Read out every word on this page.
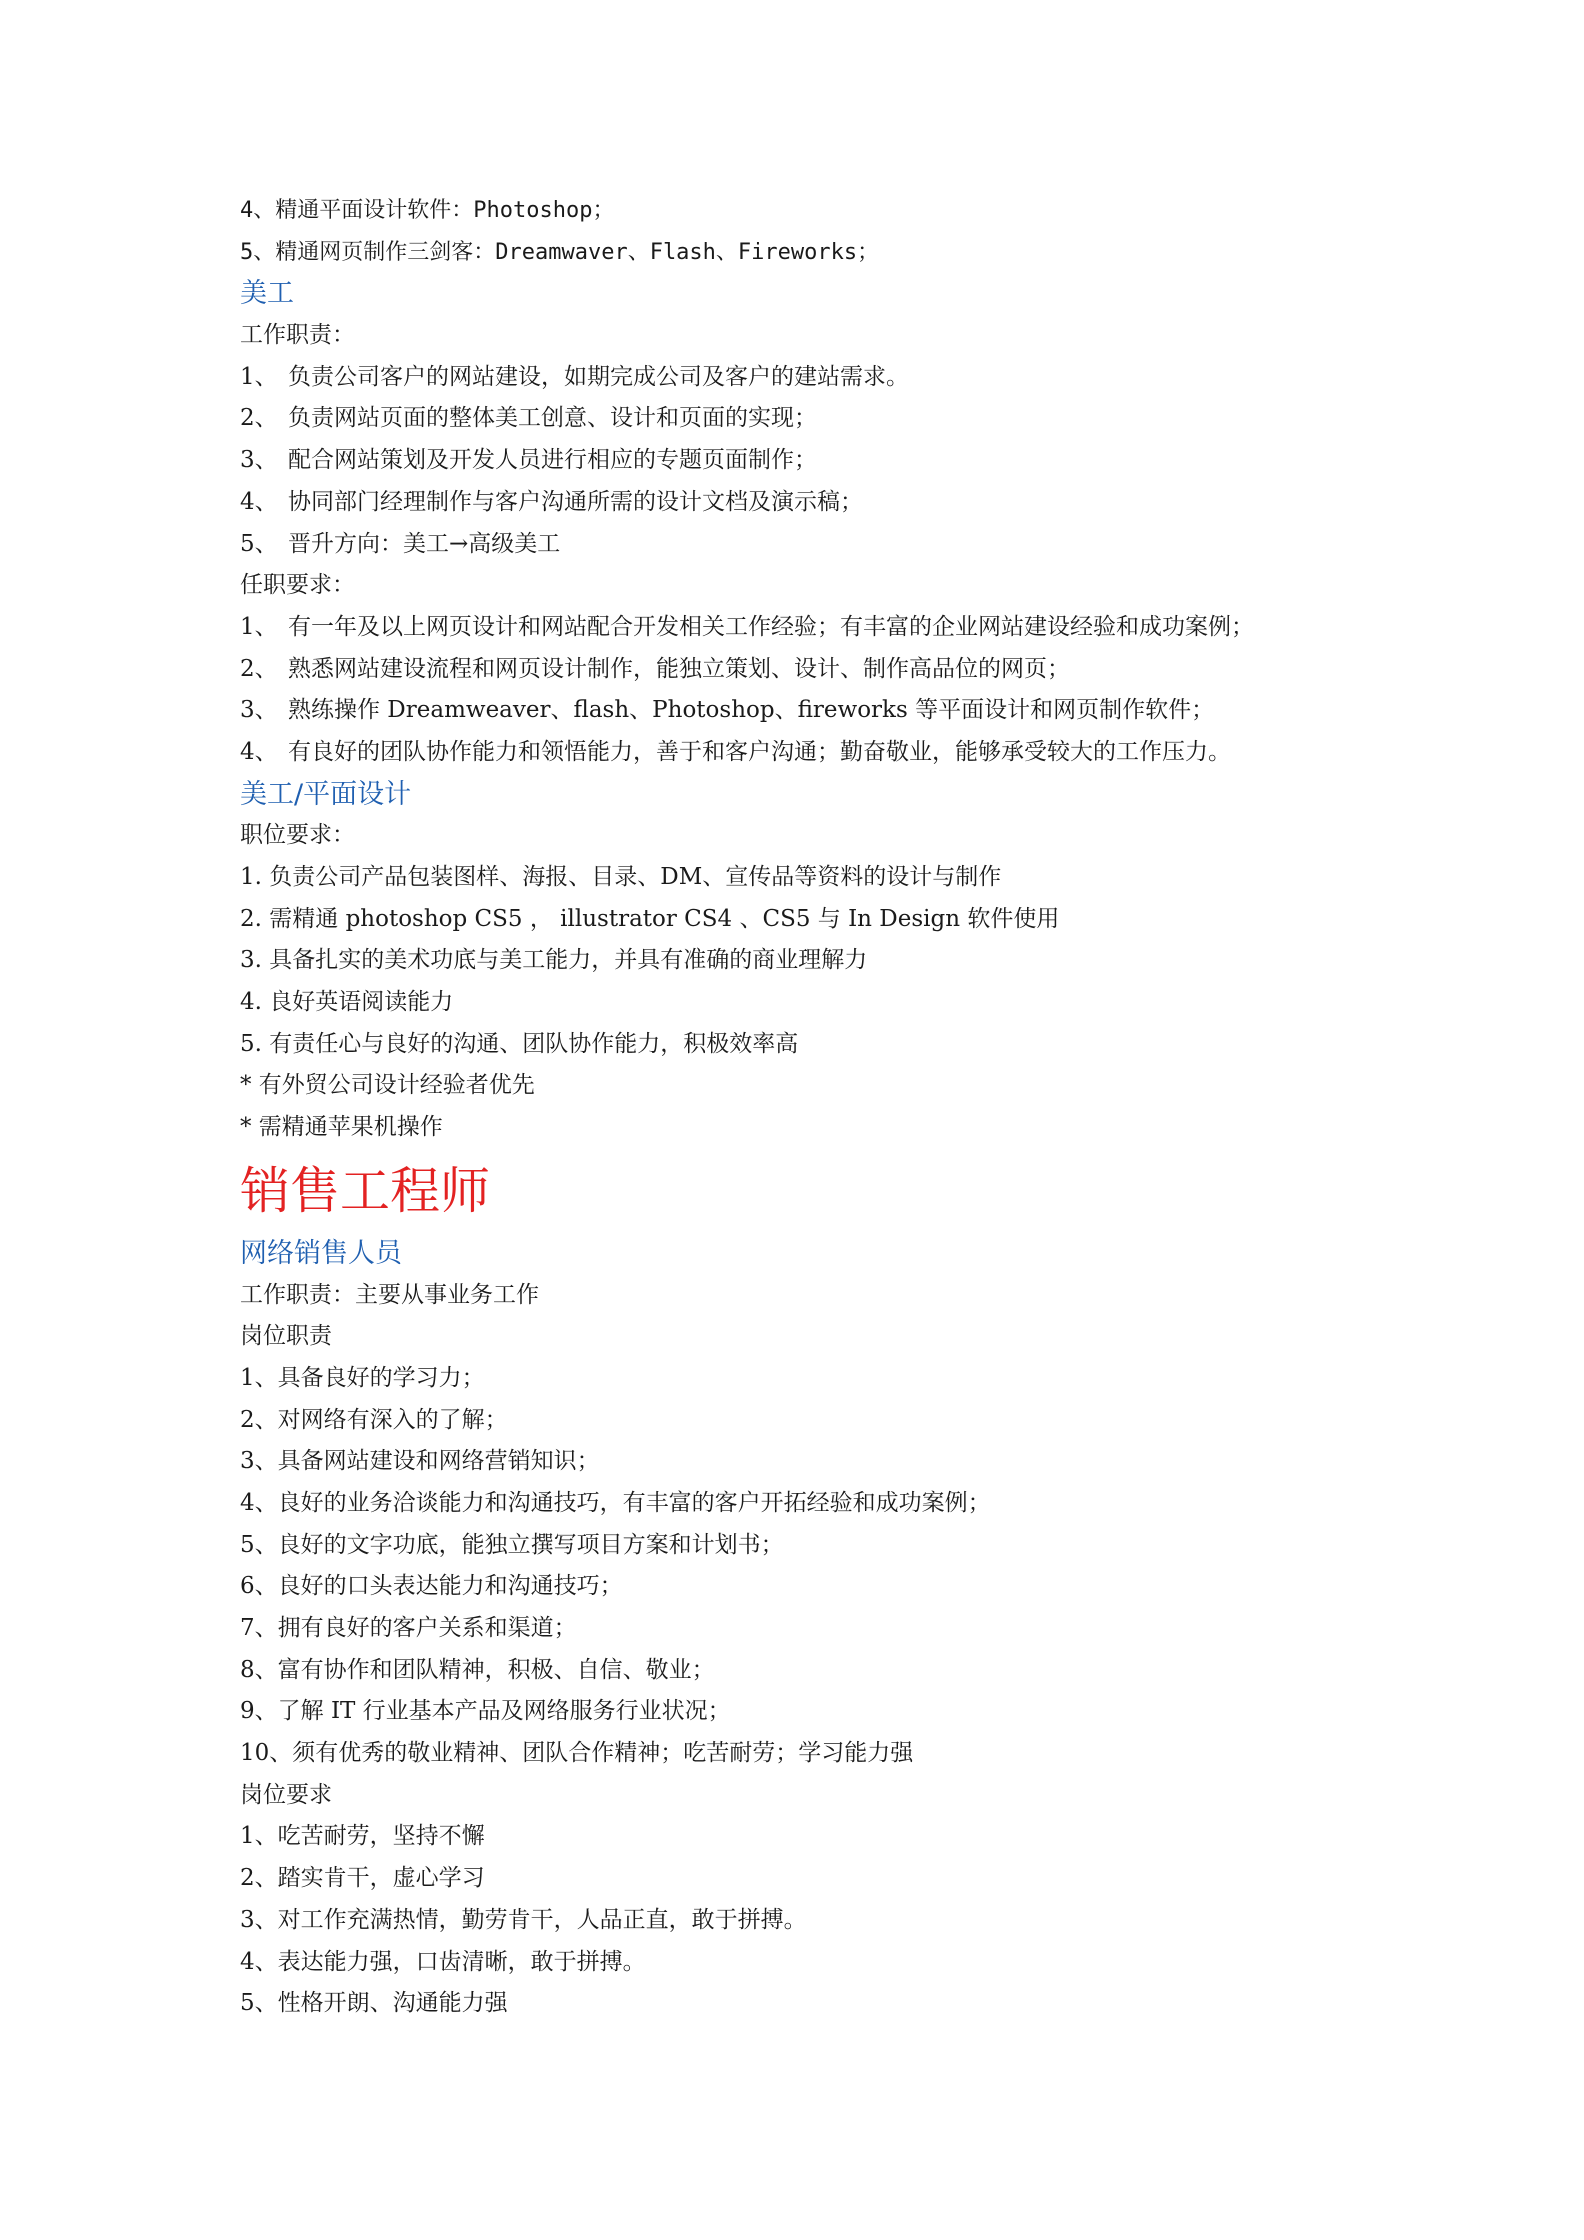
4、精通平面设计软件：Photoshop；
5、精通网页制作三剑客：Dreamwaver、Flash、Fireworks；
美工
工作职责：
1、 负责公司客户的网站建设，如期完成公司及客户的建站需求。
2、 负责网站页面的整体美工创意、设计和页面的实现；
3、 配合网站策划及开发人员进行相应的专题页面制作；
4、 协同部门经理制作与客户沟通所需的设计文档及演示稿；
5、 晋升方向：美工→高级美工
任职要求：
1、 有一年及以上网页设计和网站配合开发相关工作经验；有丰富的企业网站建设经验和成功案例；
2、 熟悉网站建设流程和网页设计制作，能独立策划、设计、制作高品位的网页；
3、 熟练操作 Dreamweaver、flash、Photoshop、fireworks 等平面设计和网页制作软件；
4、 有良好的团队协作能力和领悟能力，善于和客户沟通；勤奋敬业，能够承受较大的工作压力。
美工/平面设计
职位要求：
1. 负责公司产品包装图样、海报、目录、DM、宣传品等资料的设计与制作
2. 需精通 photoshop CS5 ， illustrator CS4 、CS5 与 In Design 软件使用
3. 具备扎实的美术功底与美工能力，并具有准确的商业理解力
4. 良好英语阅读能力
5. 有责任心与良好的沟通、团队协作能力，积极效率高
* 有外贸公司设计经验者优先
* 需精通苹果机操作
销售工程师
网络销售人员
工作职责：主要从事业务工作
岗位职责
1、具备良好的学习力；
2、对网络有深入的了解；
3、具备网站建设和网络营销知识；
4、良好的业务洽谈能力和沟通技巧，有丰富的客户开拓经验和成功案例；
5、良好的文字功底，能独立撰写项目方案和计划书；
6、良好的口头表达能力和沟通技巧；
7、拥有良好的客户关系和渠道；
8、富有协作和团队精神，积极、自信、敬业；
9、了解 IT 行业基本产品及网络服务行业状况；
10、须有优秀的敬业精神、团队合作精神；吃苦耐劳；学习能力强
岗位要求
1、吃苦耐劳，坚持不懈
2、踏实肯干，虚心学习
3、对工作充满热情，勤劳肯干，人品正直，敢于拼搏。
4、表达能力强，口齿清晰，敢于拼搏。
5、性格开朗、沟通能力强
